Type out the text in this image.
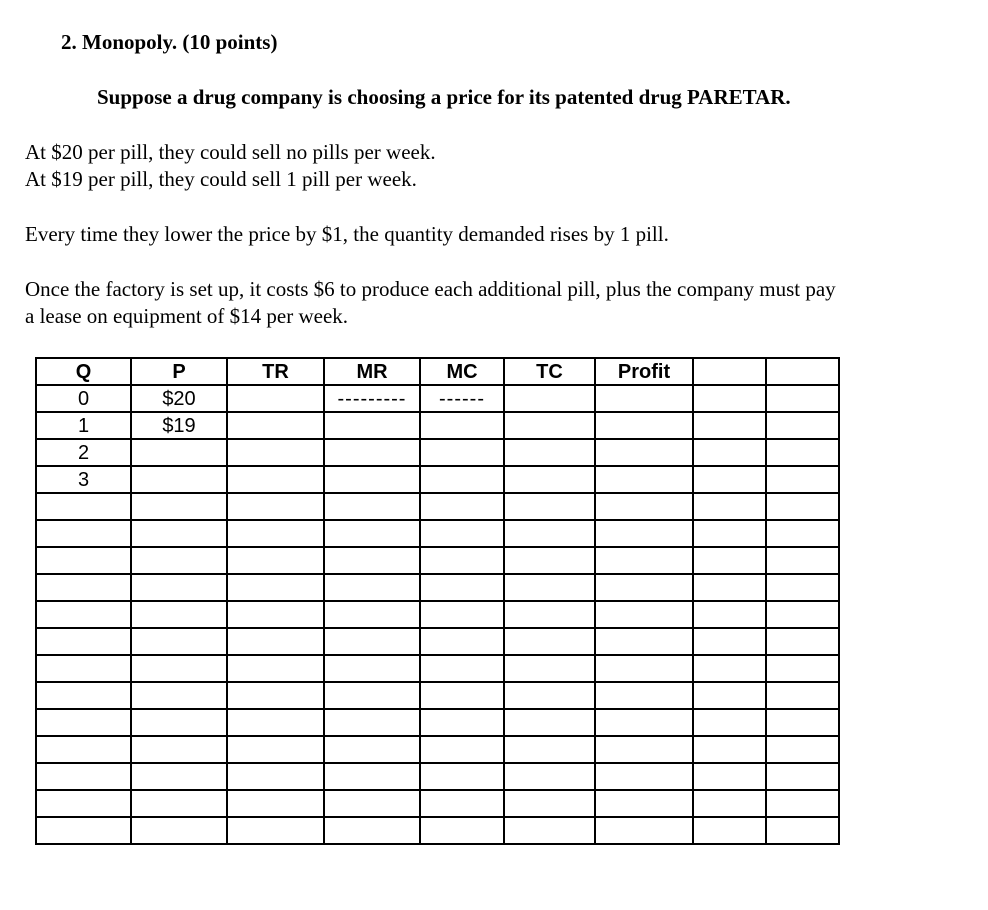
2. Monopoly. (10 points)
Suppose a drug company is choosing a price for its patented drug PARETAR.
At $20 per pill, they could sell no pills per week.
At $19 per pill, they could sell 1 pill per week.
Every time they lower the price by $1, the quantity demanded rises by 1 pill.
Once the factory is set up, it costs $6 to produce each additional pill, plus the company must pay
a lease on equipment of $14 per week.
Q	P	TR	MR	MC	TC	Profit		
0	$20		---------	------				
1	$19							
2								
3								
